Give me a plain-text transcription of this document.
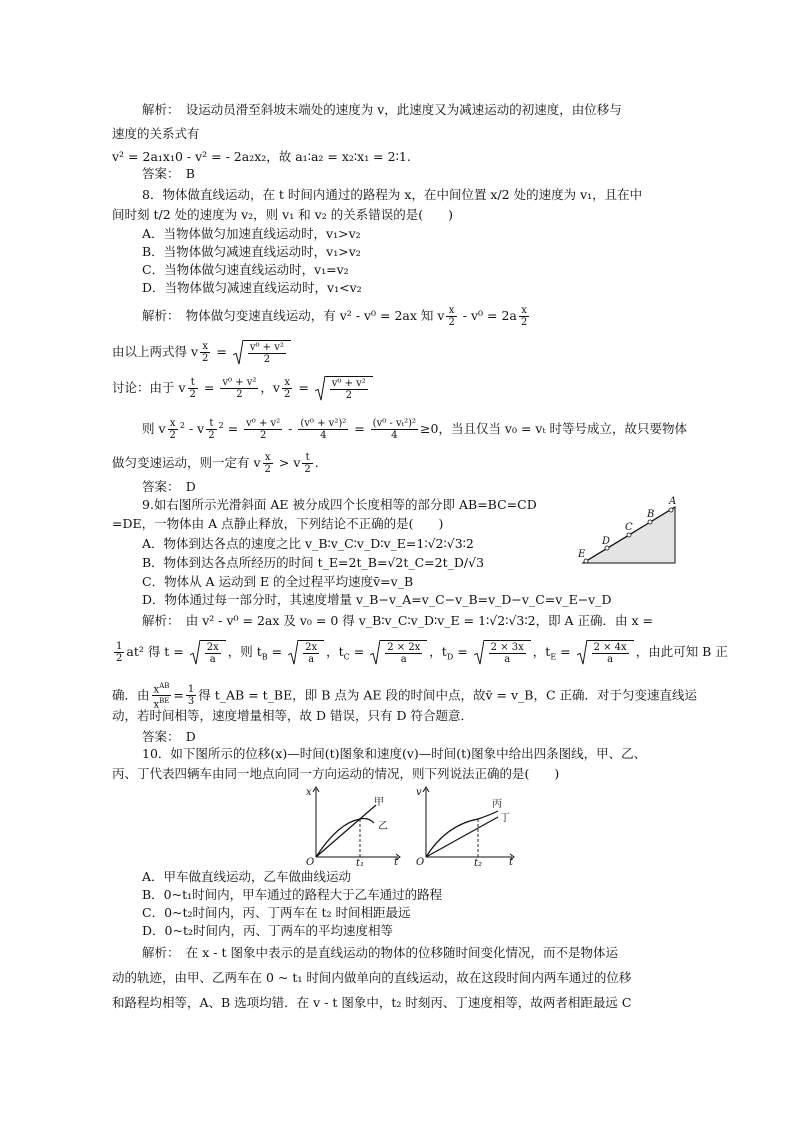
解析：　设运动员滑至斜坡末端处的速度为 v，此速度又为减速运动的初速度，由位移与
速度的关系式有
v² = 2a₁x₁0 - v² = - 2a₂x₂，故 a₁∶a₂ = x₂∶x₁ = 2∶1.
答案：　B
8．物体做直线运动，在 t 时间内通过的路程为 x，在中间位置 x/2 处的速度为 v₁，且在中
间时刻 t/2 处的速度为 v₂，则 v₁ 和 v₂ 的关系错误的是(　　)
A．当物体做匀加速直线运动时，v₁>v₂
B．当物体做匀减速直线运动时，v₁>v₂
C．当物体做匀速直线运动时，v₁=v₂
D．当物体做匀减速直线运动时，v₁<v₂
解析：　物体做匀变速直线运动，有 v² - v⁰ = 2ax 知 v $\frac{x}{2} - v^0 = 2a \frac{x}{2}$
由以上两式得 v $\frac{x}{2} = \frac{\text{v⁰ + v²}}{2}$
讨论：由于 v $\frac{t}{2} = \frac{\text{v⁰ + v²}}{2}$ ，v $\frac{x}{2} = \frac{\text{v⁰ + v²}}{2}$
则 v $\frac{x}{2} ^2 - v \frac{t}{2} ^2 = \frac{\text{v⁰ + v²}}{2} - \frac{\text{(v⁰ + v²)²}}{4} = \frac{\text{(v⁰ - vₜ²)²}}{4} \ge 0$，当且仅当 v₀ = vₜ 时等号成立，故只要物体
做匀变速运动，则一定有 v $\frac{x}{2} > v \frac{t}{2}$ .
答案：　D
9.如右图所示光滑斜面 AE 被分成四个长度相等的部分即 AB=BC=CD
=DE，一物体由 A 点静止释放，下列结论不正确的是(　　)
A．物体到达各点的速度之比 v_B∶v_C∶v_D∶v_E=1∶√2∶√3∶2
B．物体到达各点所经历的时间 t_E=2t_B=√2t_C=2t_D/√3
C．物体从 A 运动到 E 的全过程平均速度v̄=v_B
D．物体通过每一部分时，其速度增量 v_B−v_A=v_C−v_B=v_D−v_C=v_E−v_D
A
B
C
D
E
解析：　由 v² - v⁰ = 2ax 及 v₀ = 0 得 v_B∶v_C∶v_D∶v_E = 1∶√2∶√3∶2，即 A 正确．由 x =
$\frac{1}{2} at^2$ 得 $t = \frac{2x}{a}$ ，则 $t_B = \frac{2x}{a}$ ，$t_C = \frac{2 \times 2x}{a}$ ，$t_D = \frac{2 \times 3x}{a}$ ，$t_E = \frac{2 \times 4x}{a}$ ，由此可知 B 正
确．由 $\frac{x^{AB}}{x^{BE}} = \frac{1}{3}$ 得 t_AB = t_BE，即 B 点为 AE 段的时间中点，故v̄ = v_B，C 正确．对于匀变速直线运
动，若时间相等，速度增量相等，故 D 错误，只有 D 符合题意．
答案：　D
10．如下图所示的位移(x)—时间(t)图象和速度(v)—时间(t)图象中给出四条图线，甲、乙、
丙、丁代表四辆车由同一地点向同一方向运动的情况，则下列说法正确的是(　　)
x
t
O	t₁
甲
乙
v
t
O	t₂
丙
丁
A．甲车做直线运动，乙车做曲线运动
B．0~t₁时间内，甲车通过的路程大于乙车通过的路程
C．0~t₂时间内，丙、丁两车在 t₂ 时间相距最远
D．0~t₂时间内，丙、丁两车的平均速度相等
解析：　在 x - t 图象中表示的是直线运动的物体的位移随时间变化情况，而不是物体运
动的轨迹，由甲、乙两车在 0 ~ t₁ 时间内做单向的直线运动，故在这段时间内两车通过的位移
和路程均相等，A、B 选项均错．在 v - t 图象中，t₂ 时刻丙、丁速度相等，故两者相距最远 C
